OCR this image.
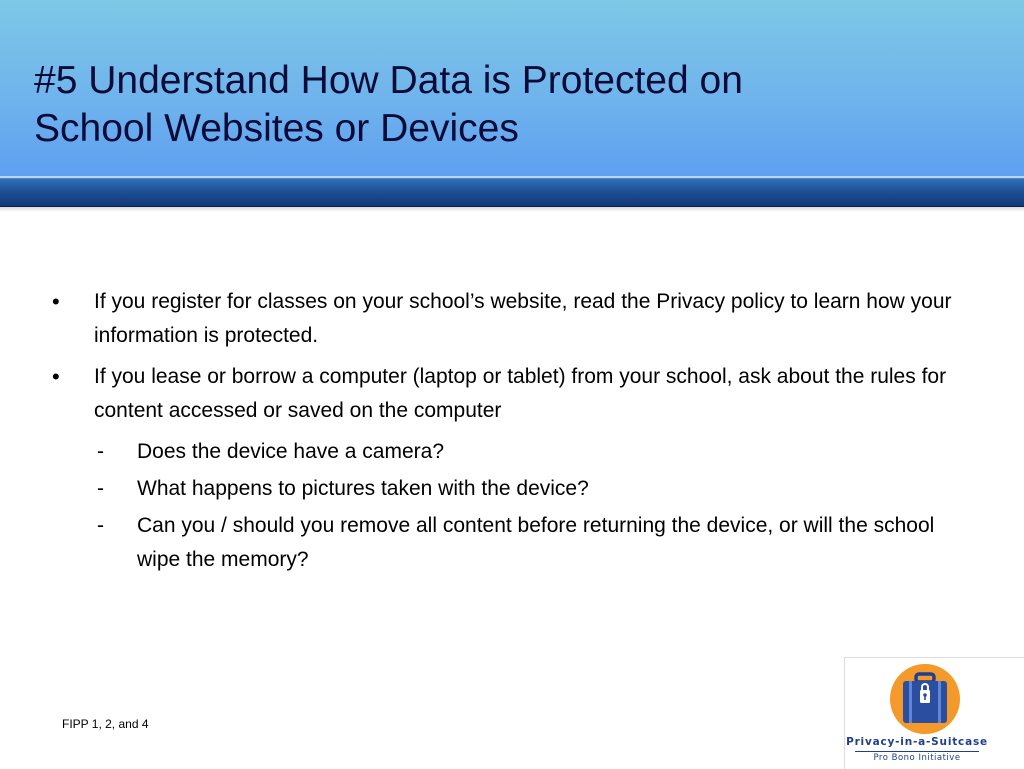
#5 Understand How Data is Protected on
School Websites or Devices
• If you register for classes on your school’s website, read the Privacy policy to learn how your information is protected.
• If you lease or borrow a computer (laptop or tablet) from your school, ask about the rules for content accessed or saved on the computer
- Does the device have a camera?
- What happens to pictures taken with the device?
- Can you / should you remove all content before returning the device, or will the school wipe the memory?
FIPP 1, 2, and 4
Privacy-in-a-Suitcase
Pro Bono Initiative
